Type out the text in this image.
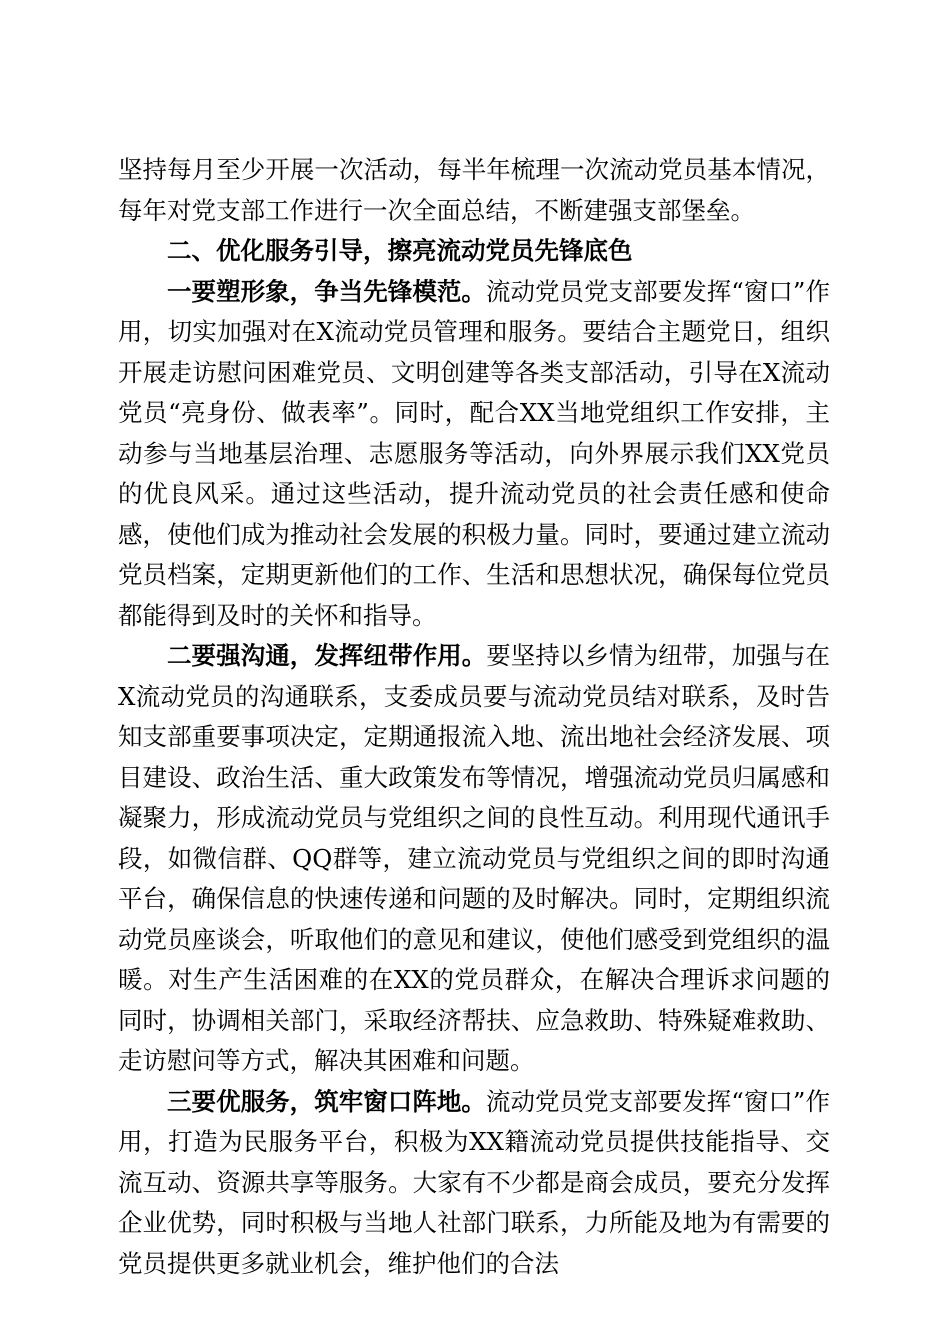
坚持每月至少开展一次活动，每半年梳理一次流动党员基本情况，每年对党支部工作进行一次全面总结，不断建强支部堡垒。

二、优化服务引导，擦亮流动党员先锋底色

一要塑形象，争当先锋模范。流动党员党支部要发挥“窗口”作用，切实加强对在X流动党员管理和服务。要结合主题党日，组织开展走访慰问困难党员、文明创建等各类支部活动，引导在X流动党员“亮身份、做表率”。同时，配合XX当地党组织工作安排，主动参与当地基层治理、志愿服务等活动，向外界展示我们XX党员的优良风采。通过这些活动，提升流动党员的社会责任感和使命感，使他们成为推动社会发展的积极力量。同时，要通过建立流动党员档案，定期更新他们的工作、生活和思想状况，确保每位党员都能得到及时的关怀和指导。

二要强沟通，发挥纽带作用。要坚持以乡情为纽带，加强与在X流动党员的沟通联系，支委成员要与流动党员结对联系，及时告知支部重要事项决定，定期通报流入地、流出地社会经济发展、项目建设、政治生活、重大政策发布等情况，增强流动党员归属感和凝聚力，形成流动党员与党组织之间的良性互动。利用现代通讯手段，如微信群、QQ群等，建立流动党员与党组织之间的即时沟通平台，确保信息的快速传递和问题的及时解决。同时，定期组织流动党员座谈会，听取他们的意见和建议，使他们感受到党组织的温暖。对生产生活困难的在XX的党员群众，在解决合理诉求问题的同时，协调相关部门，采取经济帮扶、应急救助、特殊疑难救助、走访慰问等方式，解决其困难和问题。

三要优服务，筑牢窗口阵地。流动党员党支部要发挥“窗口”作用，打造为民服务平台，积极为XX籍流动党员提供技能指导、交流互动、资源共享等服务。大家有不少都是商会成员，要充分发挥企业优势，同时积极与当地人社部门联系，力所能及地为有需要的党员提供更多就业机会，维护他们的合法
